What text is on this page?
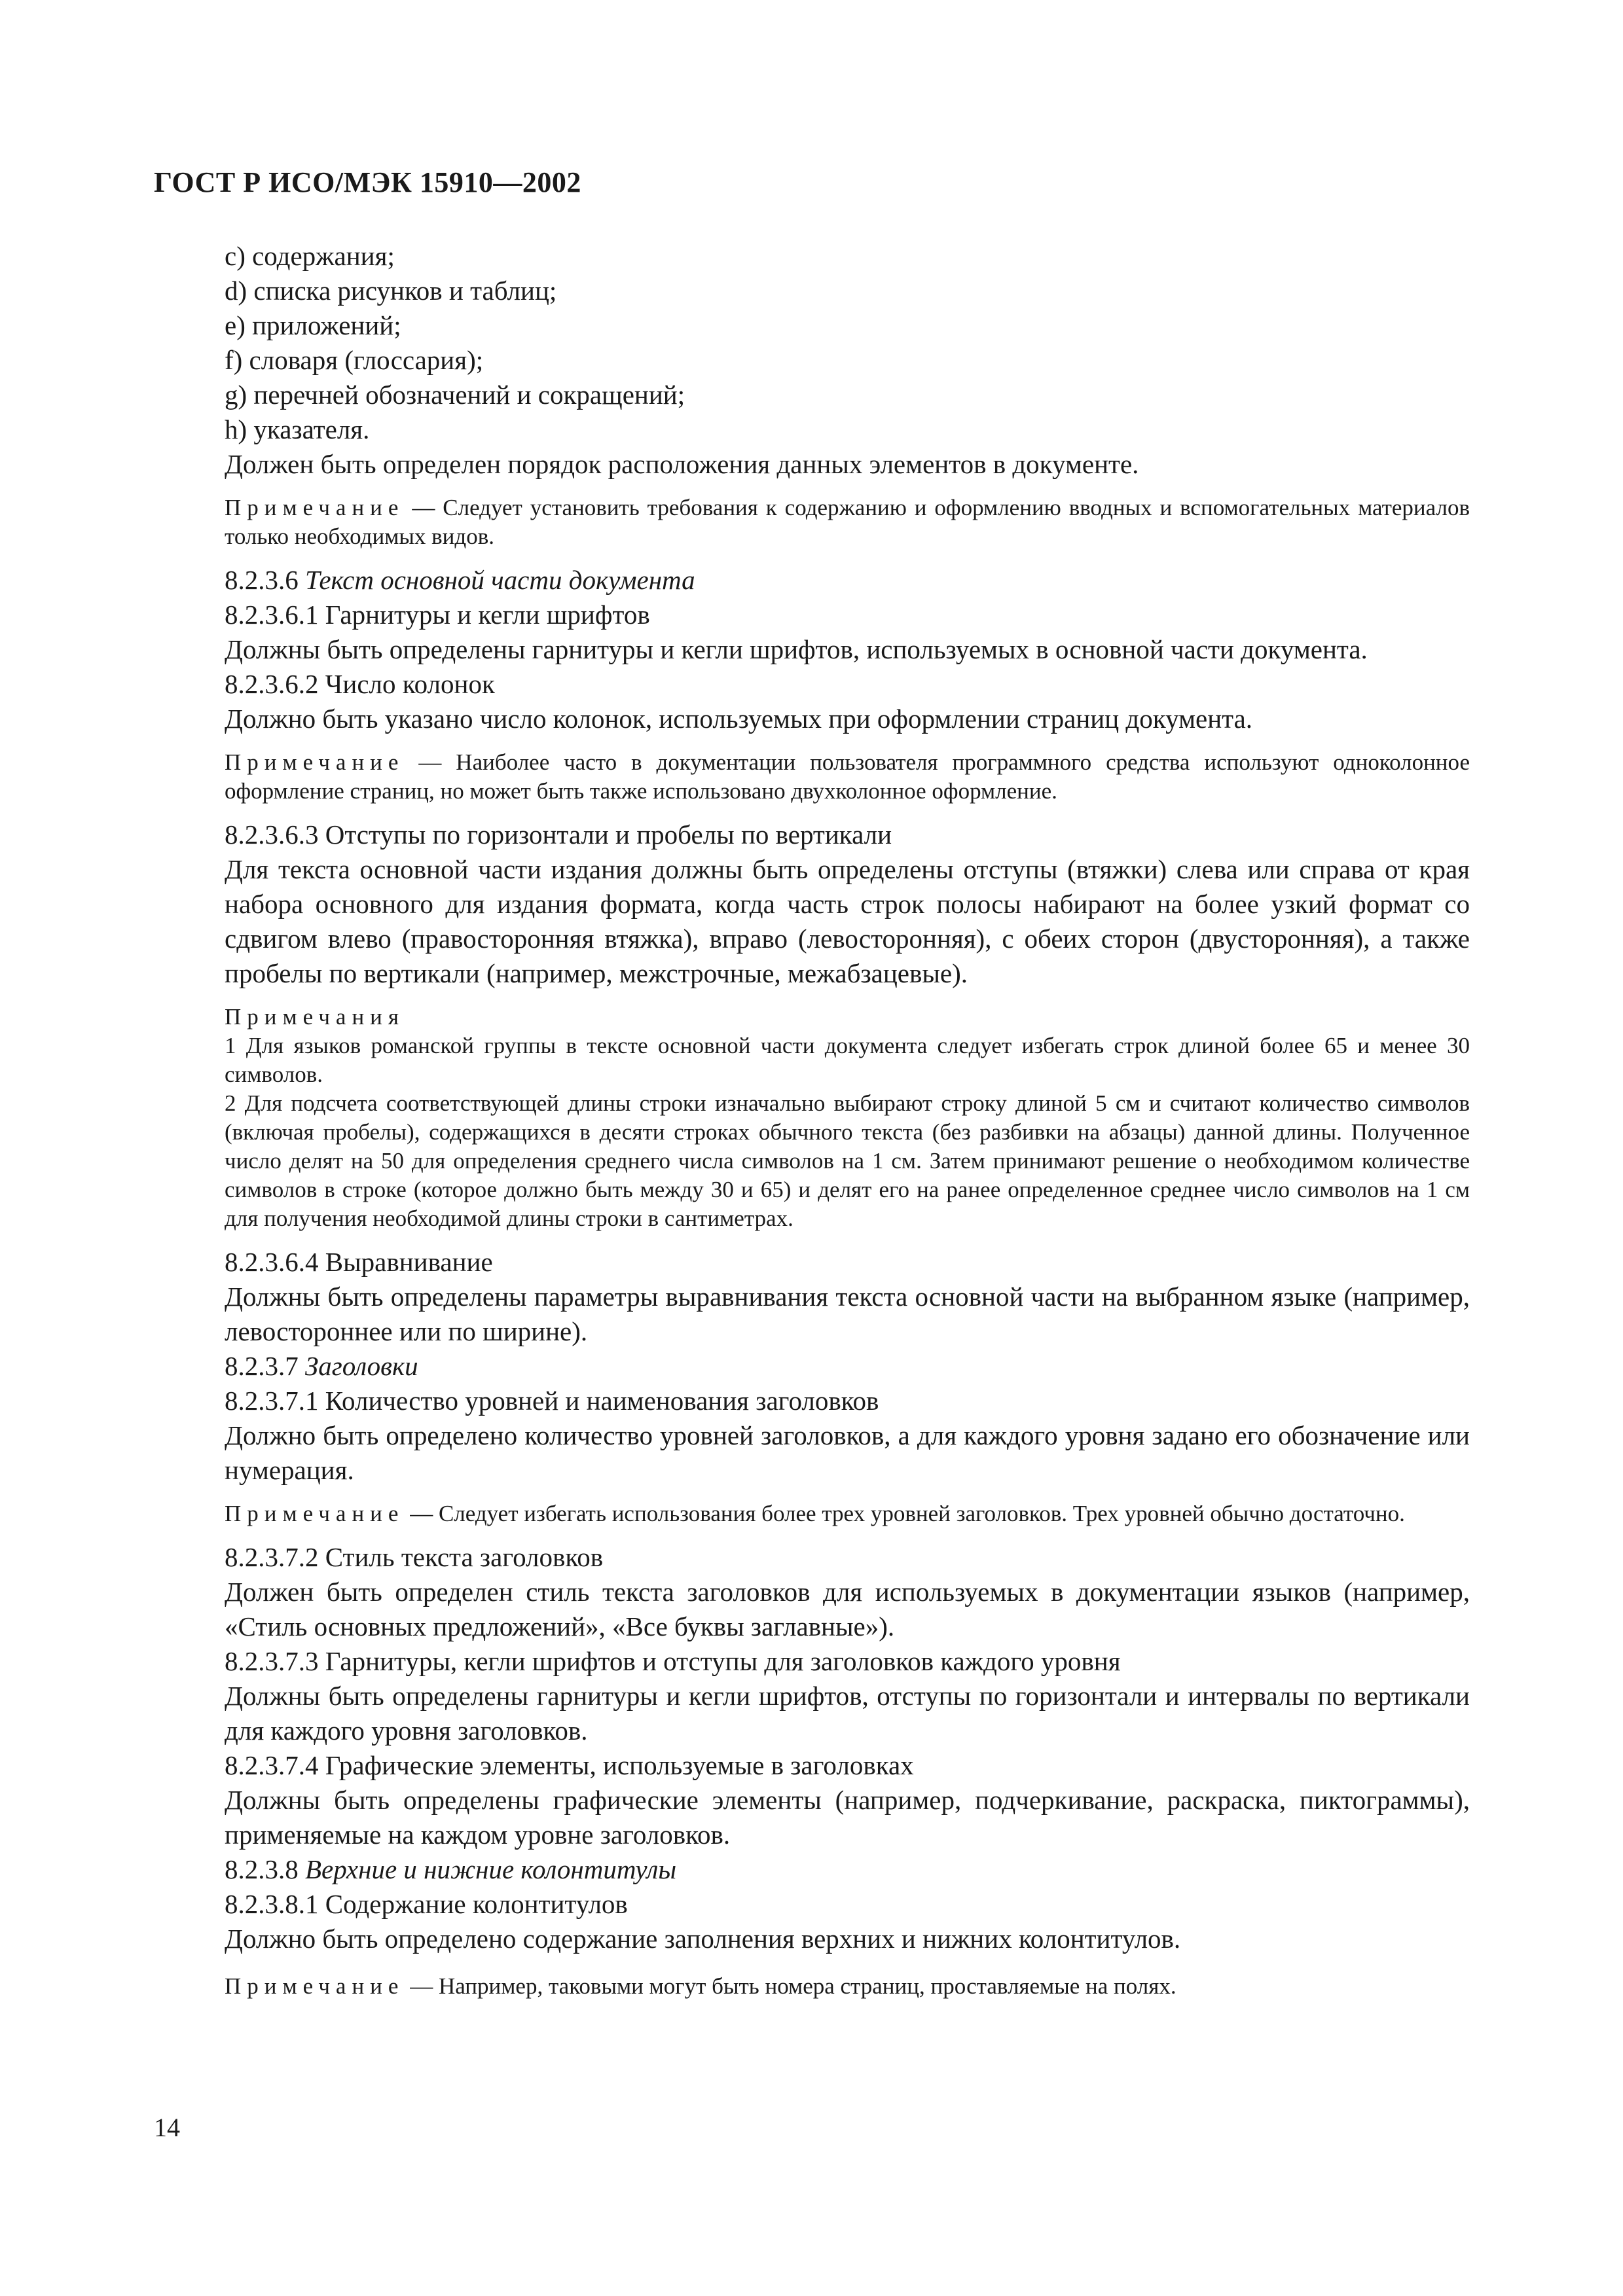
ГОСТ Р ИСО/МЭК 15910—2002

c) содержания;

d) списка рисунков и таблиц;

e) приложений;

f) словаря (глоссария);

g) перечней обозначений и сокращений;

h) указателя.

Должен быть определен порядок расположения данных элементов в документе.

Примечание — Следует установить требования к содержанию и оформлению вводных и вспомогательных материалов только необходимых видов.

8.2.3.6 Текст основной части документа

8.2.3.6.1 Гарнитуры и кегли шрифтов

Должны быть определены гарнитуры и кегли шрифтов, используемых в основной части документа.

8.2.3.6.2 Число колонок

Должно быть указано число колонок, используемых при оформлении страниц документа.

Примечание — Наиболее часто в документации пользователя программного средства используют одноколонное оформление страниц, но может быть также использовано двухколонное оформление.

8.2.3.6.3 Отступы по горизонтали и пробелы по вертикали

Для текста основной части издания должны быть определены отступы (втяжки) слева или справа от края набора основного для издания формата, когда часть строк полосы набирают на более узкий формат со сдвигом влево (правосторонняя втяжка), вправо (левосторонняя), с обеих сторон (двусторонняя), а также пробелы по вертикали (например, межстрочные, межабзацевые).

Примечания

1 Для языков романской группы в тексте основной части документа следует избегать строк длиной более 65 и менее 30 символов.

2 Для подсчета соответствующей длины строки изначально выбирают строку длиной 5 см и считают количество символов (включая пробелы), содержащихся в десяти строках обычного текста (без разбивки на абзацы) данной длины. Полученное число делят на 50 для определения среднего числа символов на 1 см. Затем принимают решение о необходимом количестве символов в строке (которое должно быть между 30 и 65) и делят его на ранее определенное среднее число символов на 1 см для получения необходимой длины строки в сантиметрах.

8.2.3.6.4 Выравнивание

Должны быть определены параметры выравнивания текста основной части на выбранном языке (например, левостороннее или по ширине).

8.2.3.7 Заголовки

8.2.3.7.1 Количество уровней и наименования заголовков

Должно быть определено количество уровней заголовков, а для каждого уровня задано его обозначение или нумерация.

Примечание — Следует избегать использования более трех уровней заголовков. Трех уровней обычно достаточно.

8.2.3.7.2 Стиль текста заголовков

Должен быть определен стиль текста заголовков для используемых в документации языков (например, «Стиль основных предложений», «Все буквы заглавные»).

8.2.3.7.3 Гарнитуры, кегли шрифтов и отступы для заголовков каждого уровня

Должны быть определены гарнитуры и кегли шрифтов, отступы по горизонтали и интервалы по вертикали для каждого уровня заголовков.

8.2.3.7.4 Графические элементы, используемые в заголовках

Должны быть определены графические элементы (например, подчеркивание, раскраска, пиктограммы), применяемые на каждом уровне заголовков.

8.2.3.8 Верхние и нижние колонтитулы

8.2.3.8.1 Содержание колонтитулов

Должно быть определено содержание заполнения верхних и нижних колонтитулов.

Примечание — Например, таковыми могут быть номера страниц, проставляемые на полях.

14
